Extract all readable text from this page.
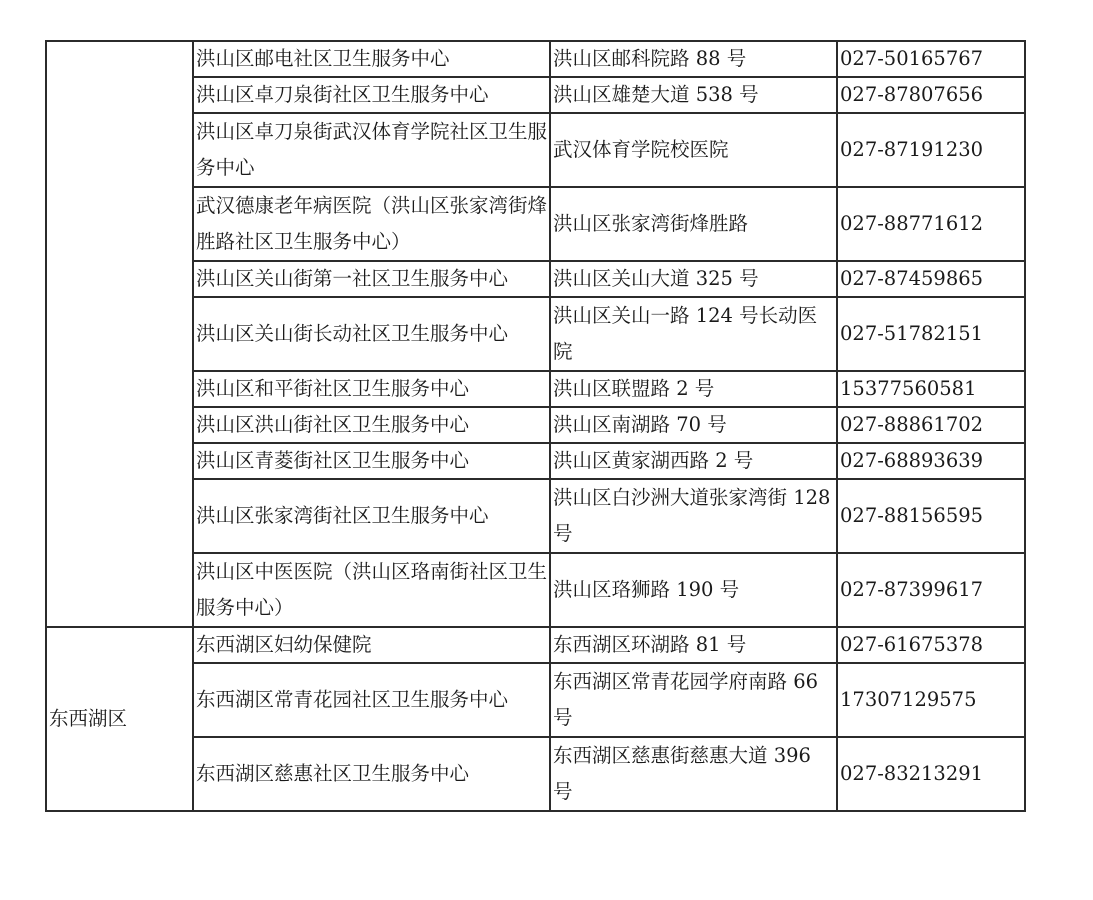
	洪山区邮电社区卫生服务中心	洪山区邮科院路 88 号	027-50165767
	洪山区卓刀泉街社区卫生服务中心	洪山区雄楚大道 538 号	027-87807656
	洪山区卓刀泉街武汉体育学院社区卫生服务中心	武汉体育学院校医院	027-87191230
	武汉德康老年病医院（洪山区张家湾街烽胜路社区卫生服务中心）	洪山区张家湾街烽胜路	027-88771612
	洪山区关山街第一社区卫生服务中心	洪山区关山大道 325 号	027-87459865
	洪山区关山街长动社区卫生服务中心	洪山区关山一路 124 号长动医院	027-51782151
	洪山区和平街社区卫生服务中心	洪山区联盟路 2 号	15377560581
	洪山区洪山街社区卫生服务中心	洪山区南湖路 70 号	027-88861702
	洪山区青菱街社区卫生服务中心	洪山区黄家湖西路 2 号	027-68893639
	洪山区张家湾街社区卫生服务中心	洪山区白沙洲大道张家湾街 128 号	027-88156595
	洪山区中医医院（洪山区珞南街社区卫生服务中心）	洪山区珞狮路 190 号	027-87399617
东西湖区	东西湖区妇幼保健院	东西湖区环湖路 81 号	027-61675378
	东西湖区常青花园社区卫生服务中心	东西湖区常青花园学府南路 66 号	17307129575
	东西湖区慈惠社区卫生服务中心	东西湖区慈惠街慈惠大道 396 号	027-83213291
